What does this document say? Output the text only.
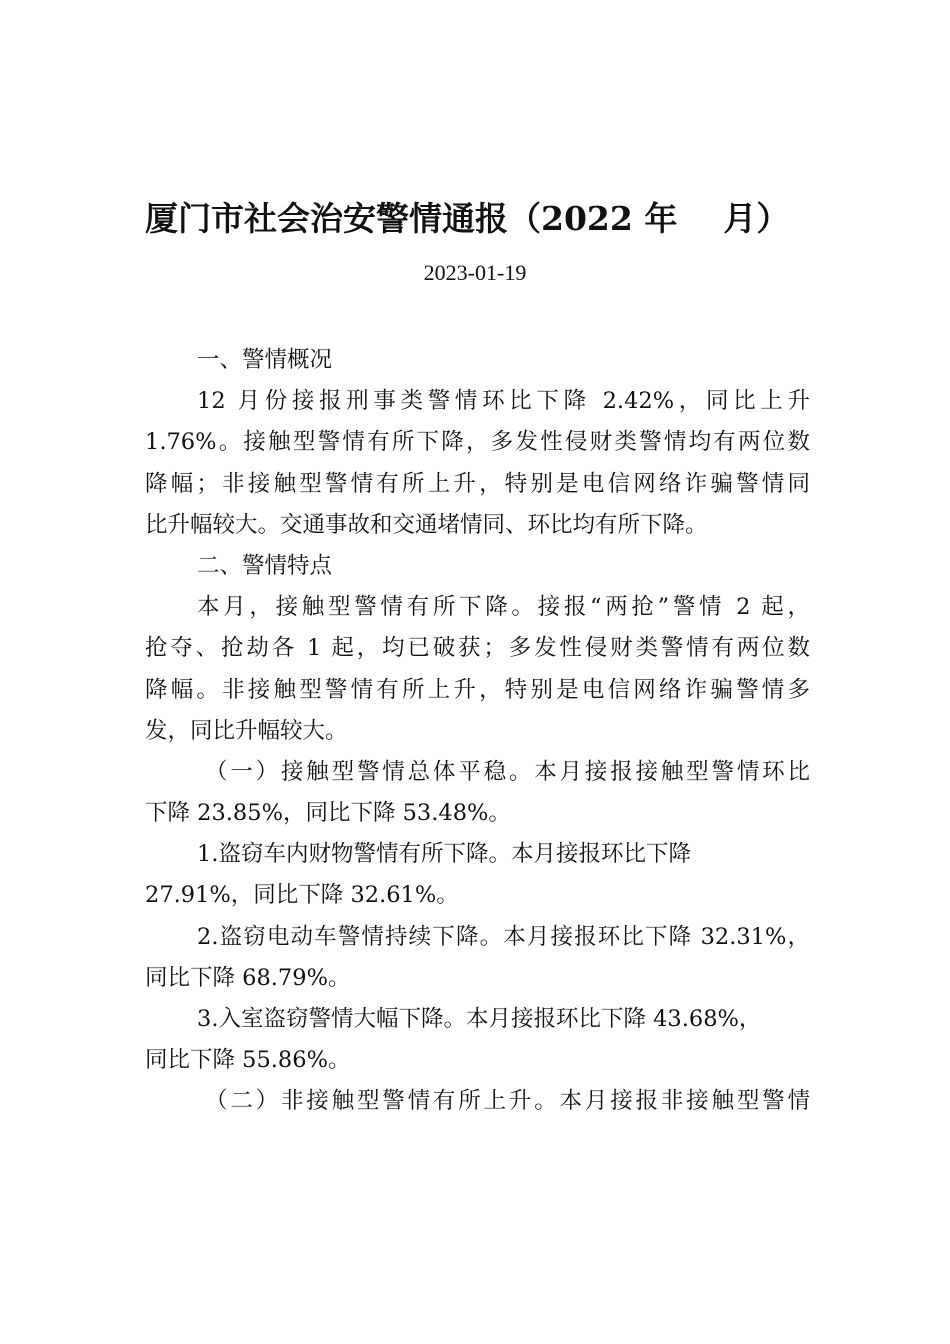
厦门市社会治安警情通报（2022 年 月）
2023-01-19
一、警情概况
12 月份接报刑事类警情环比下降 2.42%，同比上升
1.76%。接触型警情有所下降，多发性侵财类警情均有两位数
降幅；非接触型警情有所上升，特别是电信网络诈骗警情同
比升幅较大。交通事故和交通堵情同、环比均有所下降。
二、警情特点
本月，接触型警情有所下降。接报“两抢”警情 2 起，
抢夺、抢劫各 1 起，均已破获；多发性侵财类警情有两位数
降幅。非接触型警情有所上升，特别是电信网络诈骗警情多
发，同比升幅较大。
（一）接触型警情总体平稳。本月接报接触型警情环比
下降 23.85%，同比下降 53.48%。
1.盗窃车内财物警情有所下降。本月接报环比下降
27.91%，同比下降 32.61%。
2.盗窃电动车警情持续下降。本月接报环比下降 32.31%，
同比下降 68.79%。
3.入室盗窃警情大幅下降。本月接报环比下降 43.68%，
同比下降 55.86%。
（二）非接触型警情有所上升。本月接报非接触型警情
